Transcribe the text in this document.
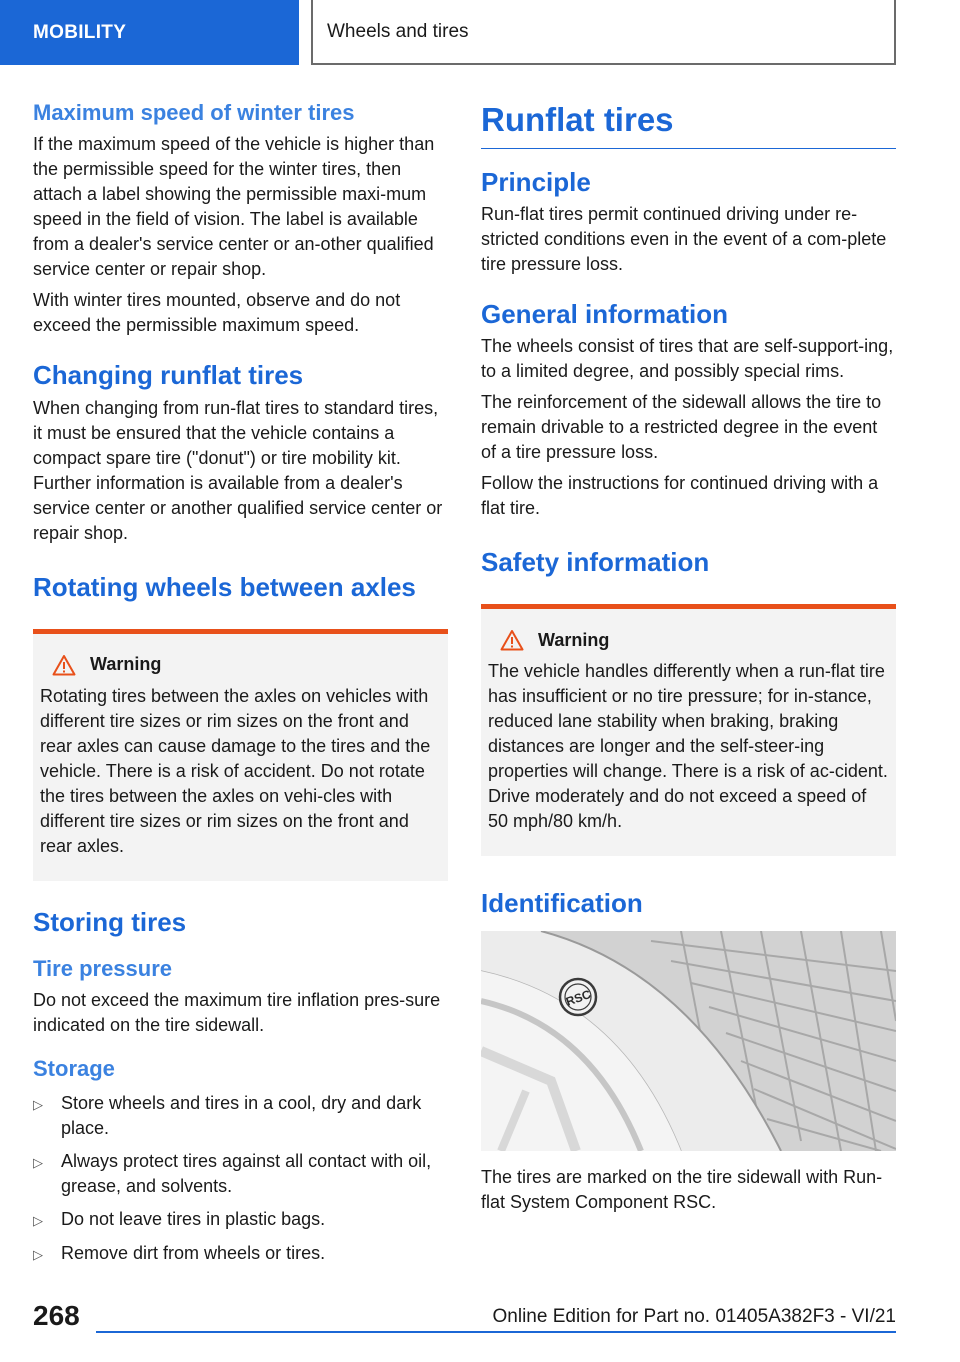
MOBILITY	Wheels and tires
Maximum speed of winter tires

If the maximum speed of the vehicle is higher than the permissible speed for the winter tires, then attach a label showing the permissible maxi‐mum speed in the field of vision. The label is available from a dealer's service center or an‐other qualified service center or repair shop.

With winter tires mounted, observe and do not exceed the permissible maximum speed.

Changing runflat tires

When changing from run-flat tires to standard tires, it must be ensured that the vehicle contains a compact spare tire ("donut") or tire mobility kit. Further information is available from a dealer's service center or another qualified service center or repair shop.

Rotating wheels between axles
Warning

Rotating tires between the axles on vehicles with different tire sizes or rim sizes on the front and rear axles can cause damage to the tires and the vehicle. There is a risk of accident. Do not rotate the tires between the axles on vehi‐cles with different tire sizes or rim sizes on the front and rear axles.

Storing tires
Tire pressure

Do not exceed the maximum tire inflation pres‐sure indicated on the tire sidewall.

Storage
▷	Store wheels and tires in a cool, dry and dark place.
▷	Always protect tires against all contact with oil, grease, and solvents.
▷	Do not leave tires in plastic bags.
▷	Remove dirt from wheels or tires.
Runflat tires
Principle

Run-flat tires permit continued driving under re‐stricted conditions even in the event of a com‐plete tire pressure loss.

General information

The wheels consist of tires that are self-support‐ing, to a limited degree, and possibly special rims.

The reinforcement of the sidewall allows the tire to remain drivable to a restricted degree in the event of a tire pressure loss.

Follow the instructions for continued driving with a flat tire.

Safety information
Warning

The vehicle handles differently when a run-flat tire has insufficient or no tire pressure; for in‐stance, reduced lane stability when braking, braking distances are longer and the self-steer‐ing properties will change. There is a risk of ac‐cident. Drive moderately and do not exceed a speed of 50 mph/80 km/h.

Identification
RSC

The tires are marked on the tire sidewall with Run-flat System Component RSC.

268	Online Edition for Part no. 01405A382F3 - VI/21
